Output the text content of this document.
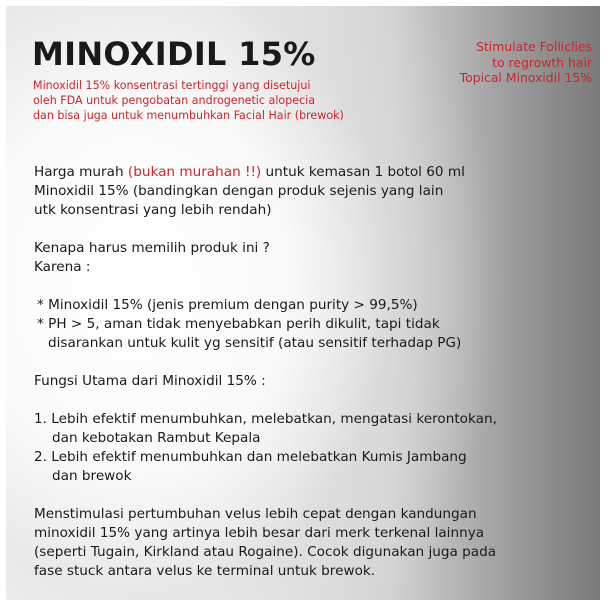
MINOXIDIL 15%	Stimulate Folliclies
to regrowth hair
Topical Minoxidil 15%
Minoxidil 15% konsentrasi tertinggi yang disetujui
oleh FDA untuk pengobatan androgenetic alopecia
dan bisa juga untuk menumbuhkan Facial Hair (brewok)
Harga murah (bukan murahan !!) untuk kemasan 1 botol 60 ml
Minoxidil 15% (bandingkan dengan produk sejenis yang lain
utk konsentrasi yang lebih rendah)
Kenapa harus memilih produk ini ?
Karena :
* Minoxidil 15% (jenis premium dengan purity > 99,5%)
* PH > 5, aman tidak menyebabkan perih dikulit, tapi tidak
disarankan untuk kulit yg sensitif (atau sensitif terhadap PG)
Fungsi Utama dari Minoxidil 15% :
1. Lebih efektif menumbuhkan, melebatkan, mengatasi kerontokan,
dan kebotakan Rambut Kepala
2. Lebih efektif menumbuhkan dan melebatkan Kumis Jambang
dan brewok
Menstimulasi pertumbuhan velus lebih cepat dengan kandungan
minoxidil 15% yang artinya lebih besar dari merk terkenal lainnya
(seperti Tugain, Kirkland atau Rogaine). Cocok digunakan juga pada
fase stuck antara velus ke terminal untuk brewok.
